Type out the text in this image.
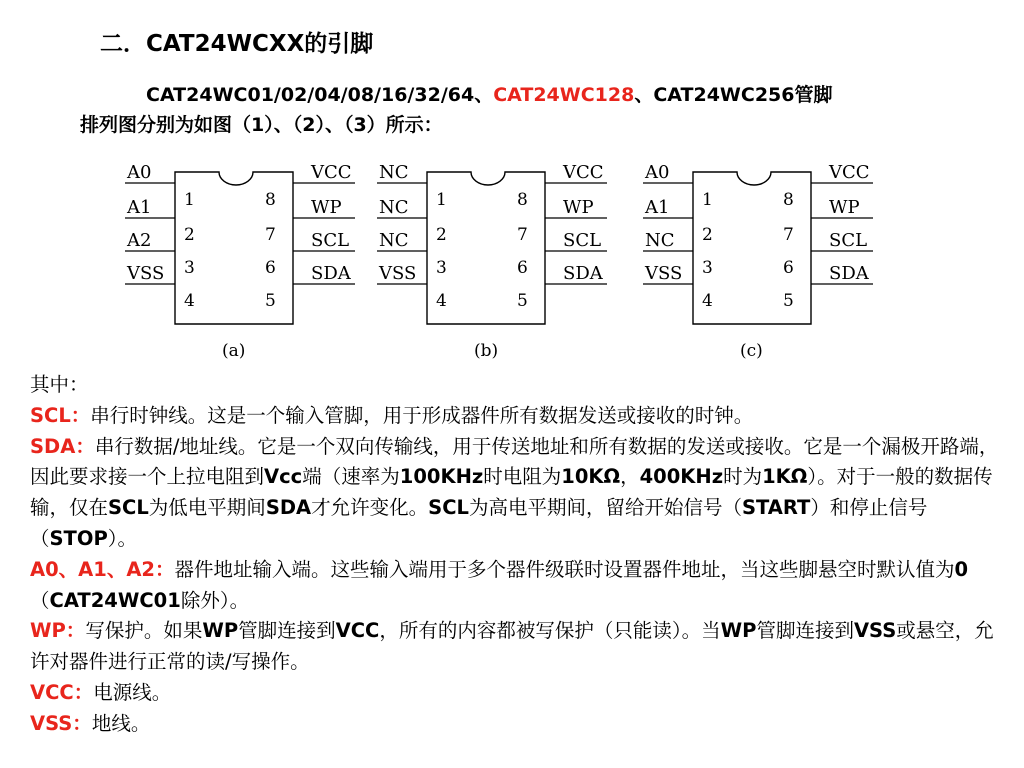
二．CAT24WCXX的引脚
CAT24WC01/02/04/08/16/32/64、CAT24WC128、CAT24WC256管脚
排列图分别为如图（1）、（2）、（3）所示：
A0
1
A1
2
A2
3
VSS
4
VCC
8 WP
7 SCL
6 SDA
5
(a)
NC
1
NC
2
NC
3
VSS
4
VCC
8 WP
7 SCL
6 SDA
5
(b)
A0
1
A1
2
NC
3
VSS
4
VCC
8 WP
7 SCL
6 SDA
5
(c)

其中：

SCL：串行时钟线。这是一个输入管脚，用于形成器件所有数据发送或接收的时钟。

SDA：串行数据/地址线。它是一个双向传输线，用于传送地址和所有数据的发送或接收。它是一个漏极开路端，因此要求接一个上拉电阻到Vcc端（速率为100KHz时电阻为10KΩ，400KHz时为1KΩ）。对于一般的数据传输，仅在SCL为低电平期间SDA才允许变化。SCL为高电平期间，留给开始信号（START）和停止信号（STOP）。

A0、A1、A2：器件地址输入端。这些输入端用于多个器件级联时设置器件地址，当这些脚悬空时默认值为0（CAT24WC01除外）。

WP：写保护。如果WP管脚连接到VCC，所有的内容都被写保护（只能读）。当WP管脚连接到VSS或悬空，允许对器件进行正常的读/写操作。

VCC：电源线。

VSS：地线。
